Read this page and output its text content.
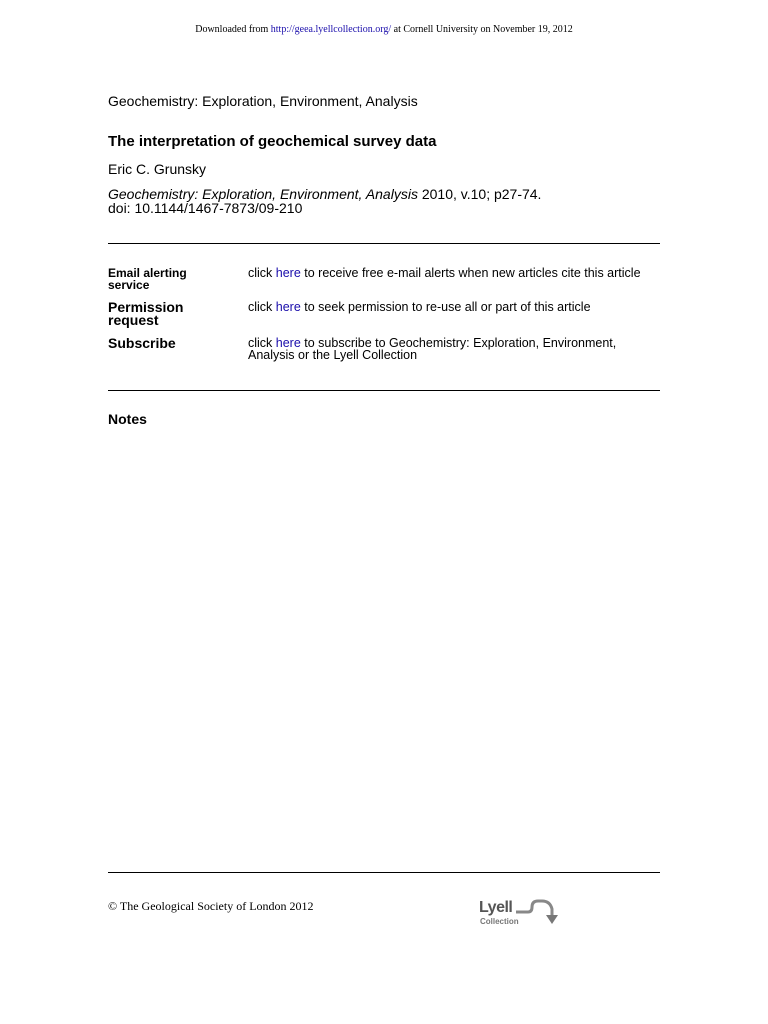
Downloaded from http://geea.lyellcollection.org/ at Cornell University on November 19, 2012
Geochemistry: Exploration, Environment, Analysis
The interpretation of geochemical survey data
Eric C. Grunsky
Geochemistry: Exploration, Environment, Analysis 2010, v.10; p27-74.
doi: 10.1144/1467-7873/09-210
Email alerting
service
click here to receive free e-mail alerts when new articles cite this article
Permission
request
click here to seek permission to re-use all or part of this article
Subscribe	click here to subscribe to Geochemistry: Exploration, Environment,
Analysis or the Lyell Collection
Notes
© The Geological Society of London 2012	Lyell
Collection
